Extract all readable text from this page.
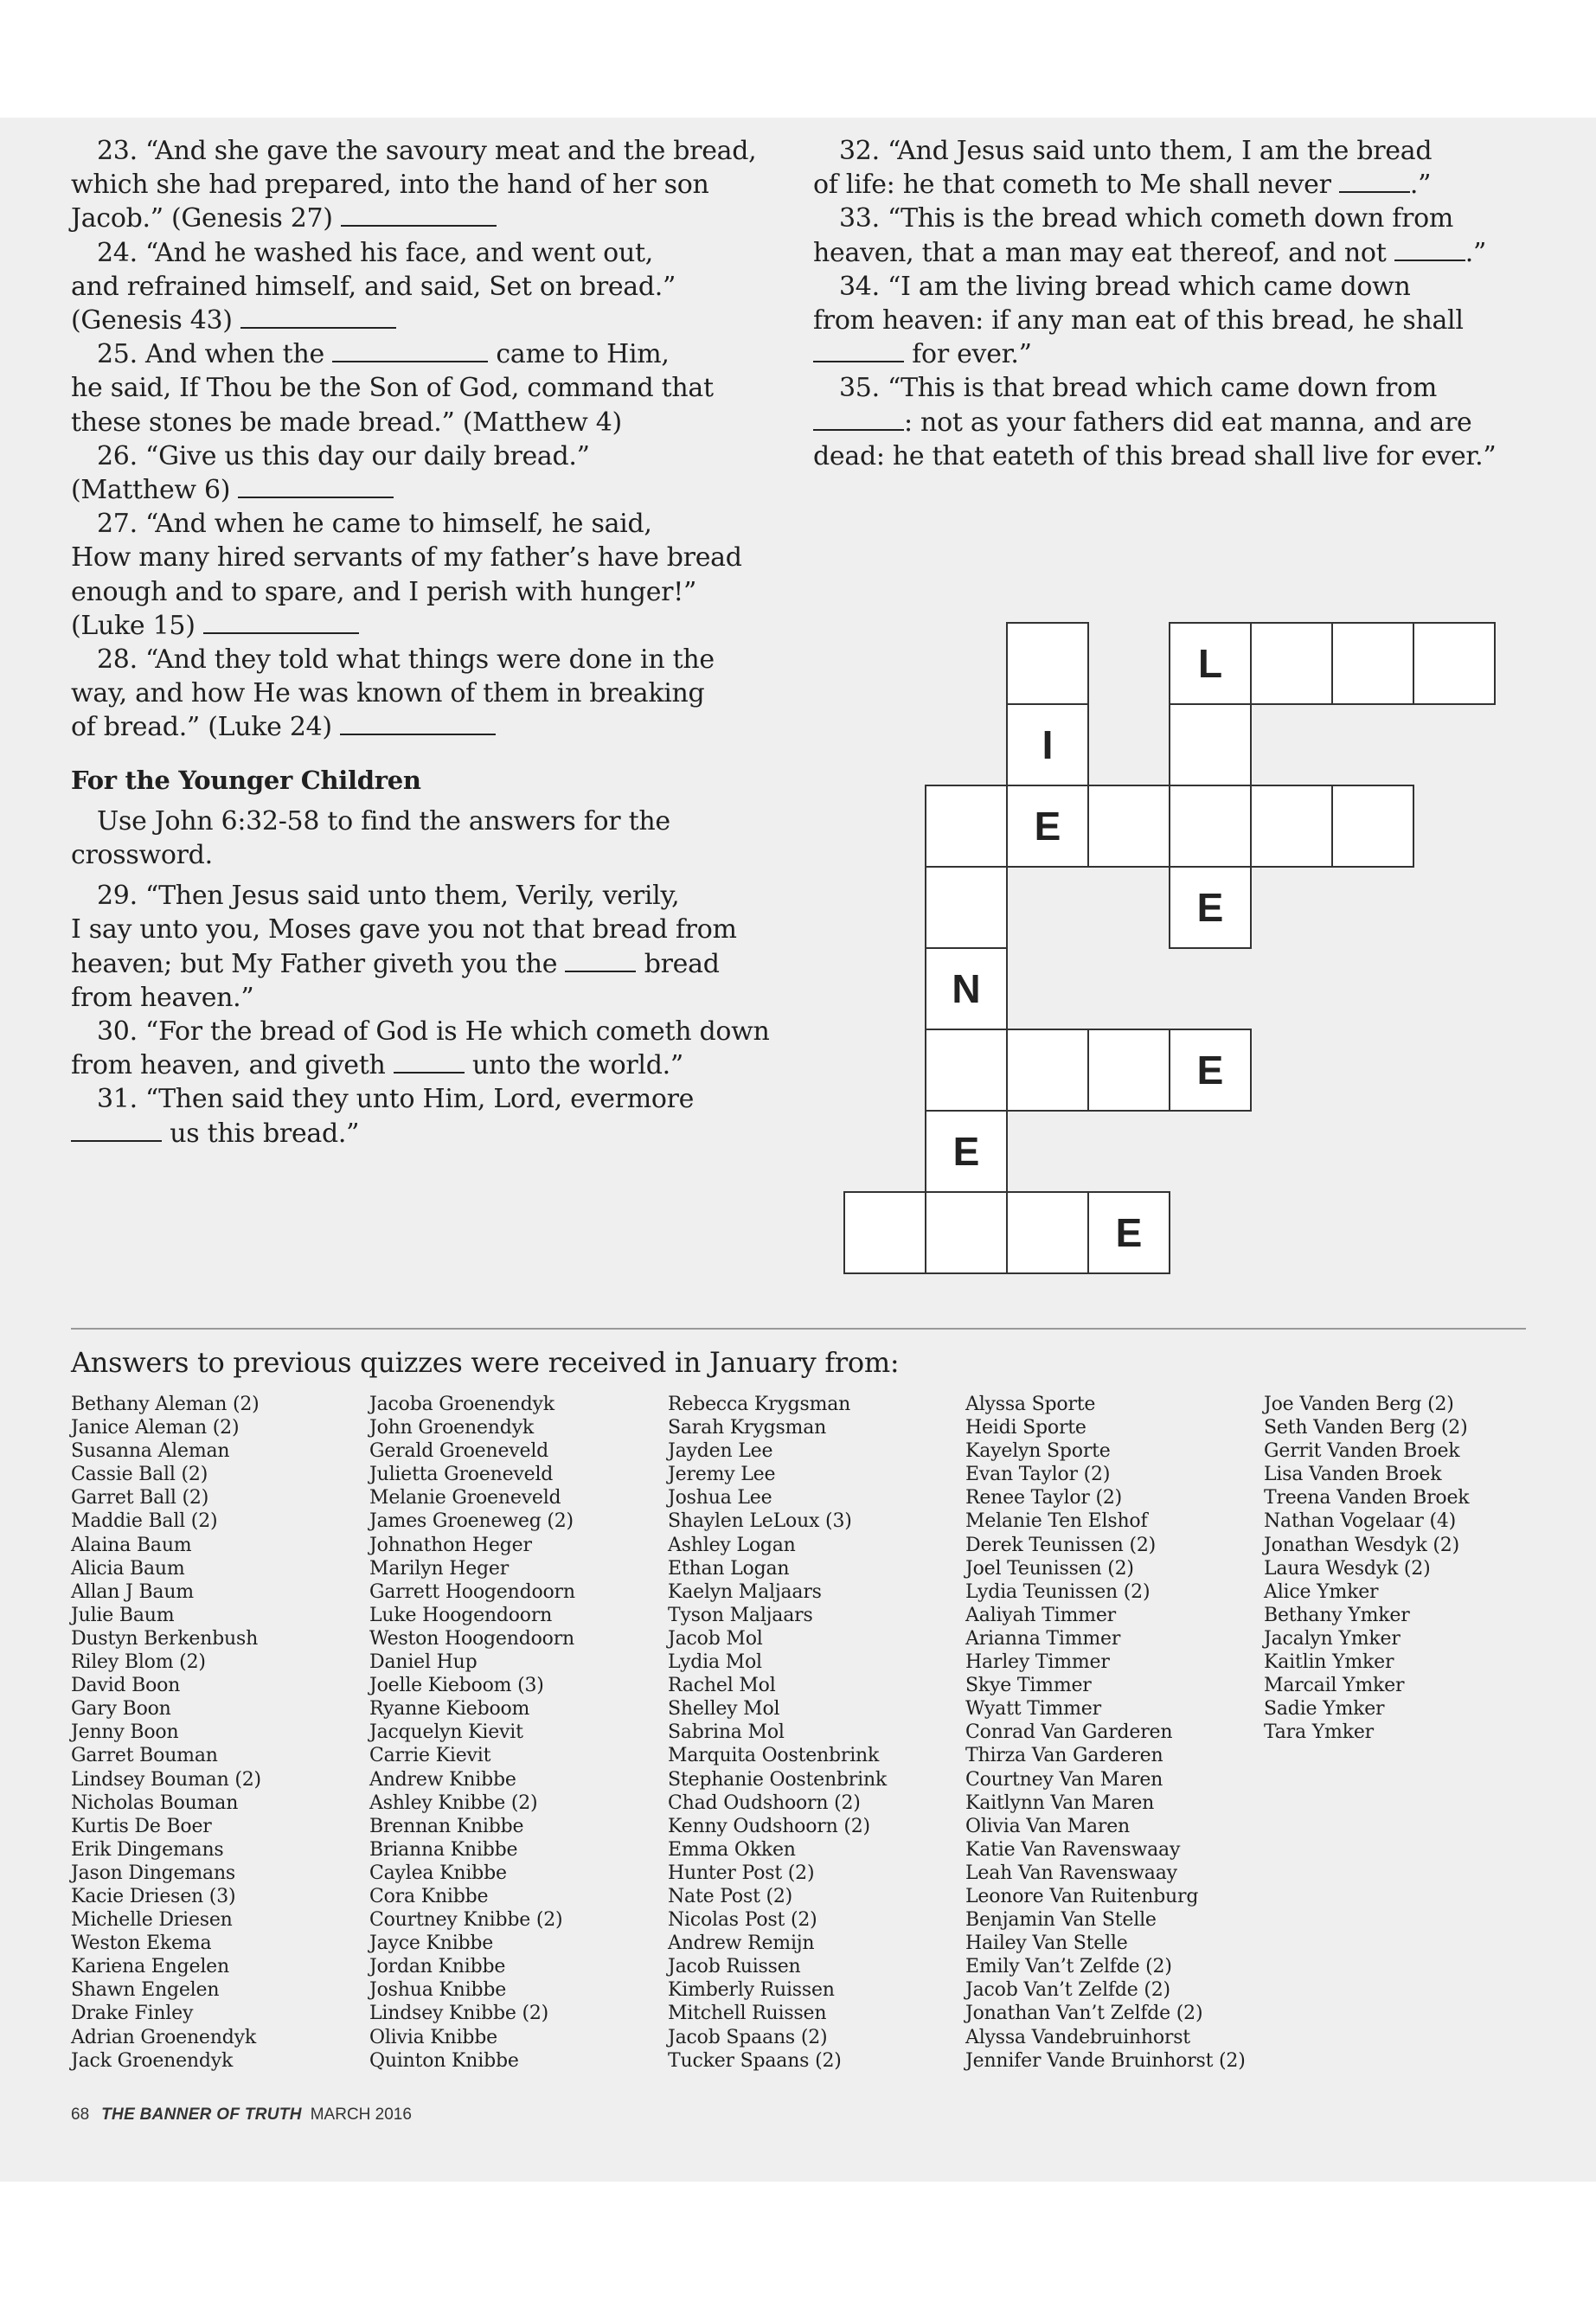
23. “And she gave the savoury meat and the bread,
which she had prepared, into the hand of her son
Jacob.” (Genesis 27)

24. “And he washed his face, and went out,
and refrained himself, and said, Set on bread.”
(Genesis 43)

25. And when the	came to Him,
he said, If Thou be the Son of God, command that
these stones be made bread.” (Matthew 4)

26. “Give us this day our daily bread.”
(Matthew 6)

27. “And when he came to himself, he said,
How many hired servants of my father’s have bread
enough and to spare, and I perish with hunger!”
(Luke 15)

28. “And they told what things were done in the
way, and how He was known of them in breaking
of bread.” (Luke 24)

For the Younger Children

Use John 6:32-58 to find the answers for the
crossword.

29. “Then Jesus said unto them, Verily, verily,
I say unto you, Moses gave you not that bread from
heaven; but My Father giveth you the	bread
from heaven.”

30. “For the bread of God is He which cometh down
from heaven, and giveth	unto the world.”

31. “Then said they unto Him, Lord, evermore
us this bread.”

32. “And Jesus said unto them, I am the bread
of life: he that cometh to Me shall never	.”

33. “This is the bread which cometh down from
heaven, that a man may eat thereof, and not	.”

34. “I am the living bread which came down
from heaven: if any man eat of this bread, he shall
for ever.”

35. “This is that bread which came down from
: not as your fathers did eat manna, and are
dead: he that eateth of this bread shall live for ever.”

L
I
E
E
N
E
E
E
Answers to previous quizzes were received in January from:
Bethany Aleman (2)
Janice Aleman (2)
Susanna Aleman
Cassie Ball (2)
Garret Ball (2)
Maddie Ball (2)
Alaina Baum
Alicia Baum
Allan J Baum
Julie Baum
Dustyn Berkenbush
Riley Blom (2)
David Boon
Gary Boon
Jenny Boon
Garret Bouman
Lindsey Bouman (2)
Nicholas Bouman
Kurtis De Boer
Erik Dingemans
Jason Dingemans
Kacie Driesen (3)
Michelle Driesen
Weston Ekema
Kariena Engelen
Shawn Engelen
Drake Finley
Adrian Groenendyk
Jack Groenendyk
Jacoba Groenendyk
John Groenendyk
Gerald Groeneveld
Julietta Groeneveld
Melanie Groeneveld
James Groeneweg (2)
Johnathon Heger
Marilyn Heger
Garrett Hoogendoorn
Luke Hoogendoorn
Weston Hoogendoorn
Daniel Hup
Joelle Kieboom (3)
Ryanne Kieboom
Jacquelyn Kievit
Carrie Kievit
Andrew Knibbe
Ashley Knibbe (2)
Brennan Knibbe
Brianna Knibbe
Caylea Knibbe
Cora Knibbe
Courtney Knibbe (2)
Jayce Knibbe
Jordan Knibbe
Joshua Knibbe
Lindsey Knibbe (2)
Olivia Knibbe
Quinton Knibbe
Rebecca Krygsman
Sarah Krygsman
Jayden Lee
Jeremy Lee
Joshua Lee
Shaylen LeLoux (3)
Ashley Logan
Ethan Logan
Kaelyn Maljaars
Tyson Maljaars
Jacob Mol
Lydia Mol
Rachel Mol
Shelley Mol
Sabrina Mol
Marquita Oostenbrink
Stephanie Oostenbrink
Chad Oudshoorn (2)
Kenny Oudshoorn (2)
Emma Okken
Hunter Post (2)
Nate Post (2)
Nicolas Post (2)
Andrew Remijn
Jacob Ruissen
Kimberly Ruissen
Mitchell Ruissen
Jacob Spaans (2)
Tucker Spaans (2)
Alyssa Sporte
Heidi Sporte
Kayelyn Sporte
Evan Taylor (2)
Renee Taylor (2)
Melanie Ten Elshof
Derek Teunissen (2)
Joel Teunissen (2)
Lydia Teunissen (2)
Aaliyah Timmer
Arianna Timmer
Harley Timmer
Skye Timmer
Wyatt Timmer
Conrad Van Garderen
Thirza Van Garderen
Courtney Van Maren
Kaitlynn Van Maren
Olivia Van Maren
Katie Van Ravenswaay
Leah Van Ravenswaay
Leonore Van Ruitenburg
Benjamin Van Stelle
Hailey Van Stelle
Emily Van’t Zelfde (2)
Jacob Van’t Zelfde (2)
Jonathan Van’t Zelfde (2)
Alyssa Vandebruinhorst
Jennifer Vande Bruinhorst (2)
Joe Vanden Berg (2)
Seth Vanden Berg (2)
Gerrit Vanden Broek
Lisa Vanden Broek
Treena Vanden Broek
Nathan Vogelaar (4)
Jonathan Wesdyk (2)
Laura Wesdyk (2)
Alice Ymker
Bethany Ymker
Jacalyn Ymker
Kaitlin Ymker
Marcail Ymker
Sadie Ymker
Tara Ymker
68 THE BANNER OF TRUTH MARCH 2016
